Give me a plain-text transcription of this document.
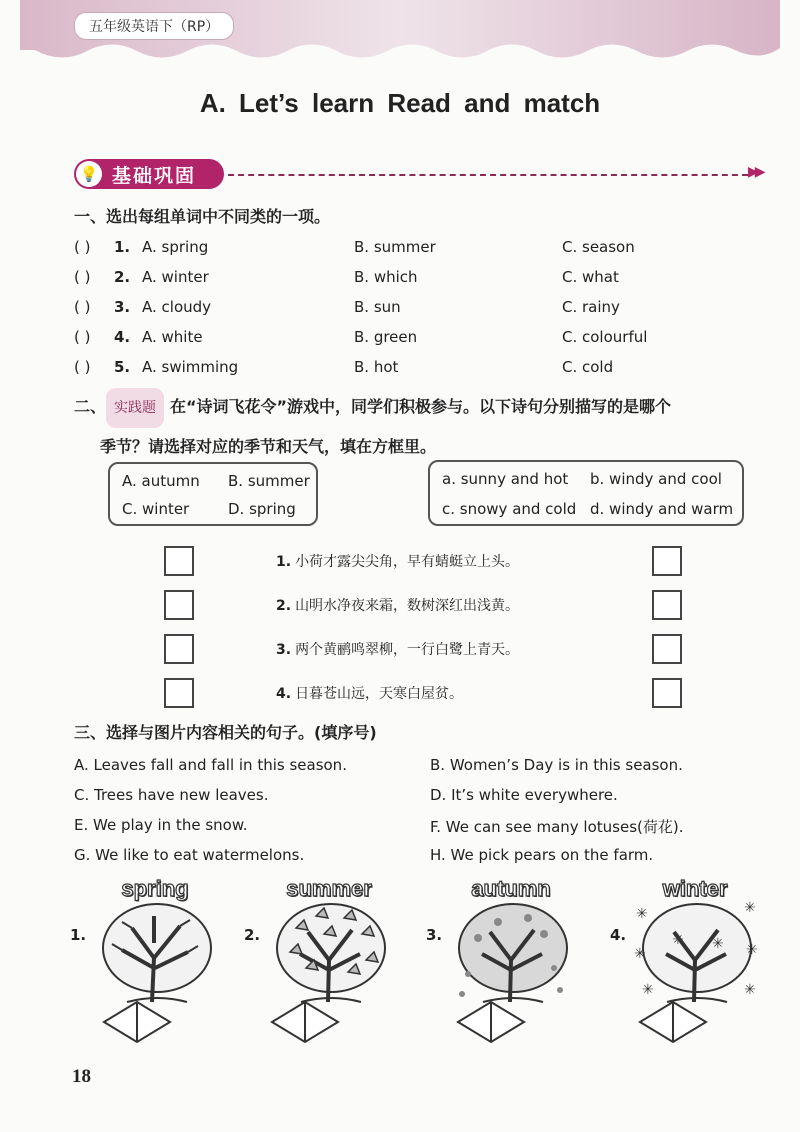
五年级英语下（RP）
A. Let’s learn Read and match
💡 基础巩固	▶▶
一、选出每组单词中不同类的一项。
( ) 1. A. spring	B. summer	C. season
( ) 2. A. winter	B. which	C. what
( ) 3. A. cloudy	B. sun	C. rainy
( ) 4. A. white	B. green	C. colourful
( ) 5. A. swimming	B. hot	C. cold
二、 实践题 在“诗词飞花令”游戏中，同学们积极参与。以下诗句分别描写的是哪个
季节？请选择对应的季节和天气，填在方框里。
A. autumn B. summer
C. winter	D. spring
a. sunny and hot b. windy and cool
c. snowy and cold d. windy and warm
1. 小荷才露尖尖角，早有蜻蜓立上头。
2. 山明水净夜来霜，数树深红出浅黄。
3. 两个黄鹂鸣翠柳，一行白鹭上青天。
4. 日暮苍山远，天寒白屋贫。
三、选择与图片内容相关的句子。(填序号)
A. Leaves fall and fall in this season.	B. Women’s Day is in this season.
C. Trees have new leaves.	D. It’s white everywhere.
E. We play in the snow.	F. We can see many lotuses(荷花).
G. We like to eat watermelons.	H. We pick pears on the farm.
spring
1.
summer
2.
autumn
3.
winter
4.
✳	✳
✳	✳
✳ ✳
✳	✳
18
